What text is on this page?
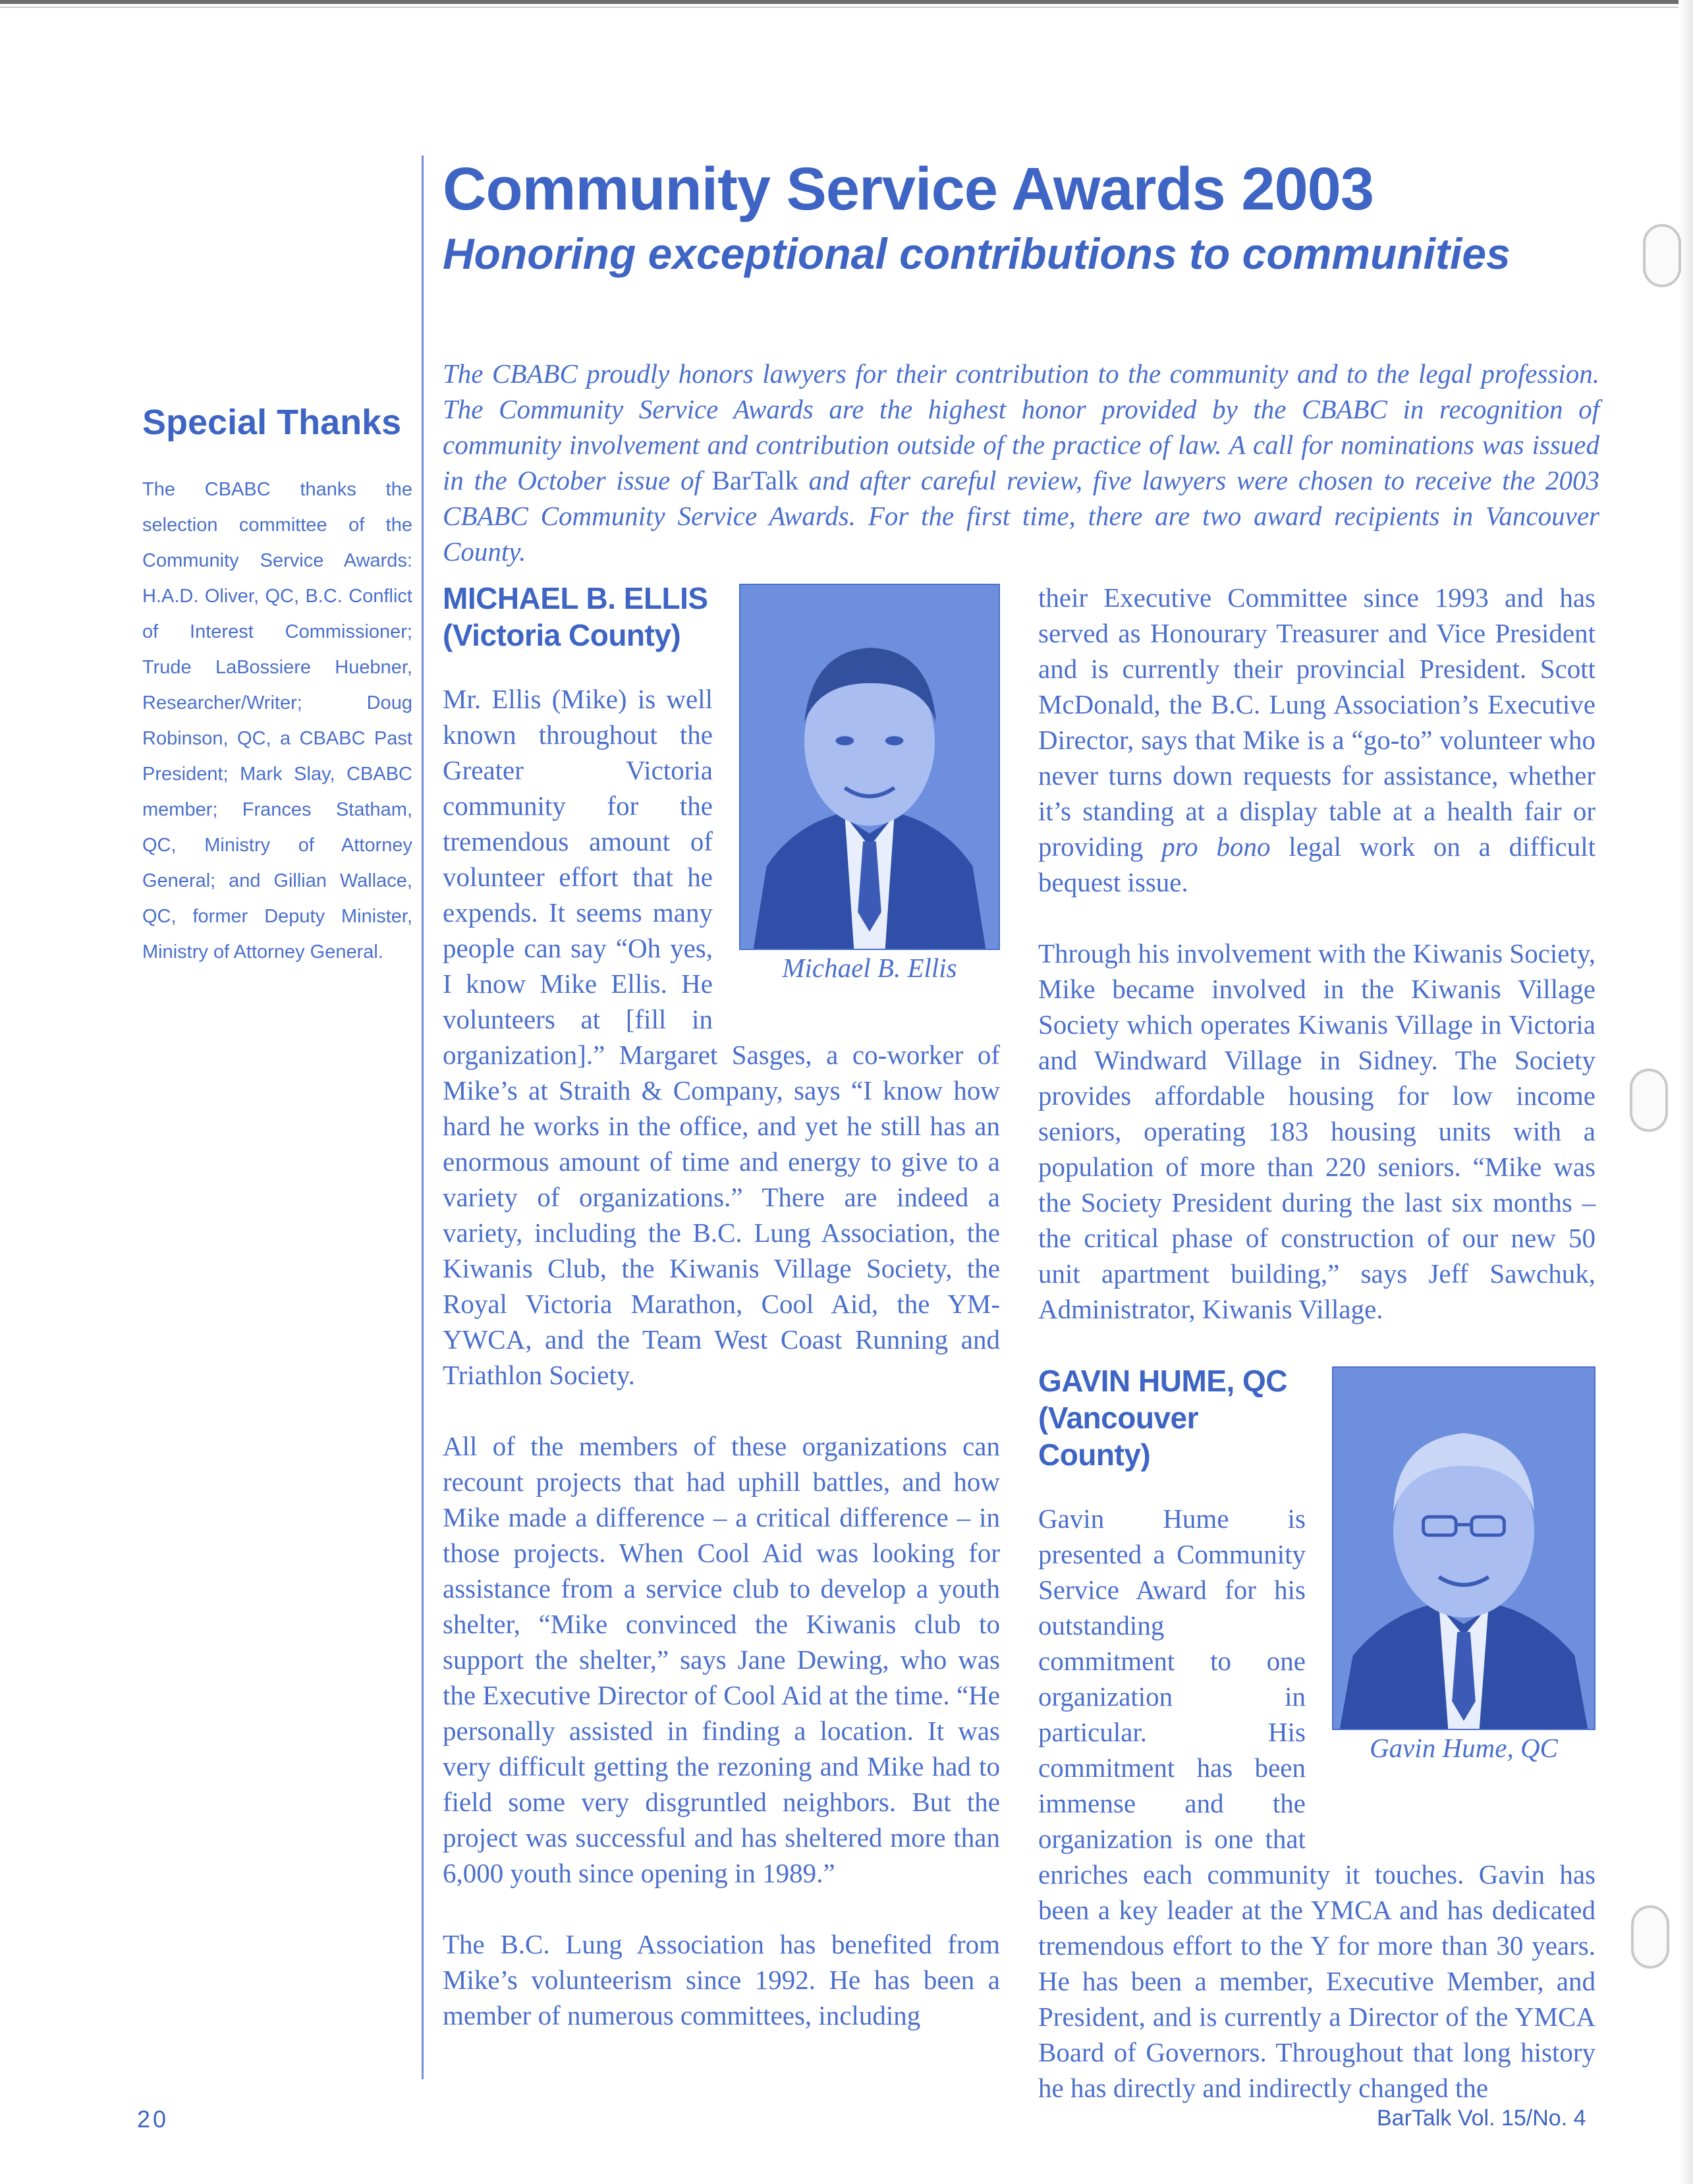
Community Service Awards 2003
Honoring exceptional contributions to communities
Special Thanks
The CBABC thanks the selection committee of the Community Service Awards: H.A.D. Oliver, QC, B.C. Conflict of Interest Commissioner; Trude LaBossiere Huebner, Researcher/Writer; Doug Robinson, QC, a CBABC Past President; Mark Slay, CBABC member; Frances Statham, QC, Ministry of Attorney General; and Gillian Wallace, QC, former Deputy Minister, Ministry of Attorney General.
The CBABC proudly honors lawyers for their contribution to the community and to the legal profession. The Community Service Awards are the highest honor provided by the CBABC in recognition of community involvement and contribution outside of the practice of law. A call for nominations was issued in the October issue of BarTalk and after careful review, five lawyers were chosen to receive the 2003 CBABC Community Service Awards. For the first time, there are two award recipients in Vancouver County.
Michael B. Ellis
MICHAEL B. ELLIS
(Victoria County)

Mr. Ellis (Mike) is well known throughout the Greater Victoria community for the tremendous amount of volunteer effort that he expends. It seems many people can say “Oh yes, I know Mike Ellis. He volunteers at [fill in organization].” Margaret Sasges, a co-worker of Mike’s at Straith & Company, says “I know how hard he works in the office, and yet he still has an enormous amount of time and energy to give to a variety of organizations.” There are indeed a variety, including the B.C. Lung Association, the Kiwanis Club, the Kiwanis Village Society, the Royal Victoria Marathon, Cool Aid, the YM-YWCA, and the Team West Coast Running and Triathlon Society.

All of the members of these organizations can recount projects that had uphill battles, and how Mike made a difference – a critical difference – in those projects. When Cool Aid was looking for assistance from a service club to develop a youth shelter, “Mike convinced the Kiwanis club to support the shelter,” says Jane Dewing, who was the Executive Director of Cool Aid at the time. “He personally assisted in finding a location. It was very difficult getting the rezoning and Mike had to field some very disgruntled neighbors. But the project was successful and has sheltered more than 6,000 youth since opening in 1989.”

The B.C. Lung Association has benefited from Mike’s volunteerism since 1992. He has been a member of numerous committees, including

their Executive Committee since 1993 and has served as Honourary Treasurer and Vice President and is currently their provincial President. Scott McDonald, the B.C. Lung Association’s Executive Director, says that Mike is a “go-to” volunteer who never turns down requests for assistance, whether it’s standing at a display table at a health fair or providing pro bono legal work on a difficult bequest issue.

Through his involvement with the Kiwanis Society, Mike became involved in the Kiwanis Village Society which operates Kiwanis Village in Victoria and Windward Village in Sidney. The Society provides affordable housing for low income seniors, operating 183 housing units with a population of more than 220 seniors. “Mike was the Society President during the last six months – the critical phase of construction of our new 50 unit apartment building,” says Jeff Sawchuk, Administrator, Kiwanis Village.

Gavin Hume, QC
GAVIN HUME, QC
(Vancouver County)

Gavin Hume is presented a Community Service Award for his outstanding commitment to one organization in particular. His commitment has been immense and the organization is one that enriches each community it touches. Gavin has been a key leader at the YMCA and has dedicated tremendous effort to the Y for more than 30 years. He has been a member, Executive Member, and President, and is currently a Director of the YMCA Board of Governors. Throughout that long history he has directly and indirectly changed the

20	BarTalk Vol. 15/No. 4
